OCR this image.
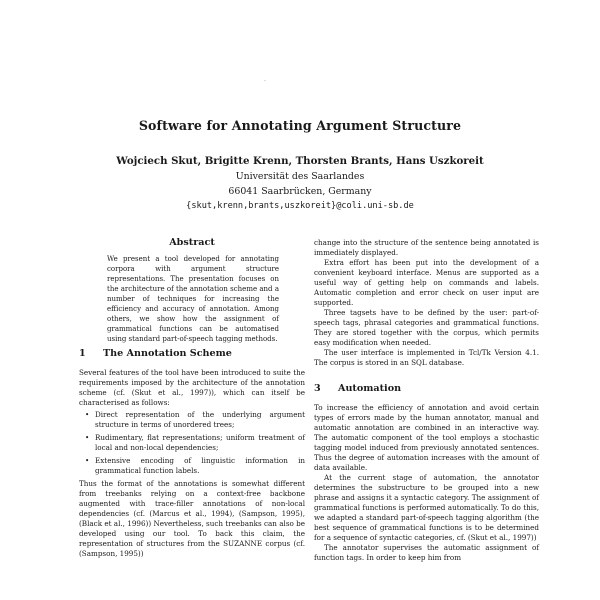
·
Software for Annotating Argument Structure
Wojciech Skut, Brigitte Krenn, Thorsten Brants, Hans Uszkoreit
Universität des Saarlandes
66041 Saarbrücken, Germany
{skut,krenn,brants,uszkoreit}@coli.uni-sb.de
Abstract
We present a tool developed for annotating corpora with argument structure representations. The presentation focuses on the architecture of the annotation scheme and a number of techniques for increasing the efficiency and accuracy of annotation. Among others, we show how the assignment of grammatical functions can be automatised using standard part-of-speech tagging methods.
1 The Annotation Scheme

Several features of the tool have been introduced to suite the requirements imposed by the architecture of the annotation scheme (cf. (Skut et al., 1997)), which can itself be characterised as follows:

• Direct representation of the underlying argument structure in terms of unordered trees;
• Rudimentary, flat representations; uniform treatment of local and non-local dependencies;
• Extensive encoding of linguistic information in grammatical function labels.

Thus the format of the annotations is somewhat different from treebanks relying on a context-free backbone augmented with trace-filler annotations of non-local dependencies (cf. (Marcus et al., 1994), (Sampson, 1995), (Black et al., 1996)) Nevertheless, such treebanks can also be developed using our tool. To back this claim, the representation of structures from the SUZANNE corpus (cf. (Sampson, 1995))

change into the structure of the sentence being annotated is immediately displayed.

Extra effort has been put into the development of a convenient keyboard interface. Menus are supported as a useful way of getting help on commands and labels. Automatic completion and error check on user input are supported.

Three tagsets have to be defined by the user: part-of-speech tags, phrasal categories and grammatical functions. They are stored together with the corpus, which permits easy modification when needed.

The user interface is implemented in Tcl/Tk Version 4.1. The corpus is stored in an SQL database.

3 Automation

To increase the efficiency of annotation and avoid certain types of errors made by the human annotator, manual and automatic annotation are combined in an interactive way. The automatic component of the tool employs a stochastic tagging model induced from previously annotated sentences. Thus the degree of automation increases with the amount of data available.

At the current stage of automation, the annotator determines the substructure to be grouped into a new phrase and assigns it a syntactic category. The assignment of grammatical functions is performed automatically. To do this, we adapted a standard part-of-speech tagging algorithm (the best sequence of grammatical functions is to be determined for a sequence of syntactic categories, cf. (Skut et al., 1997))

The annotator supervises the automatic assignment of function tags. In order to keep him from
